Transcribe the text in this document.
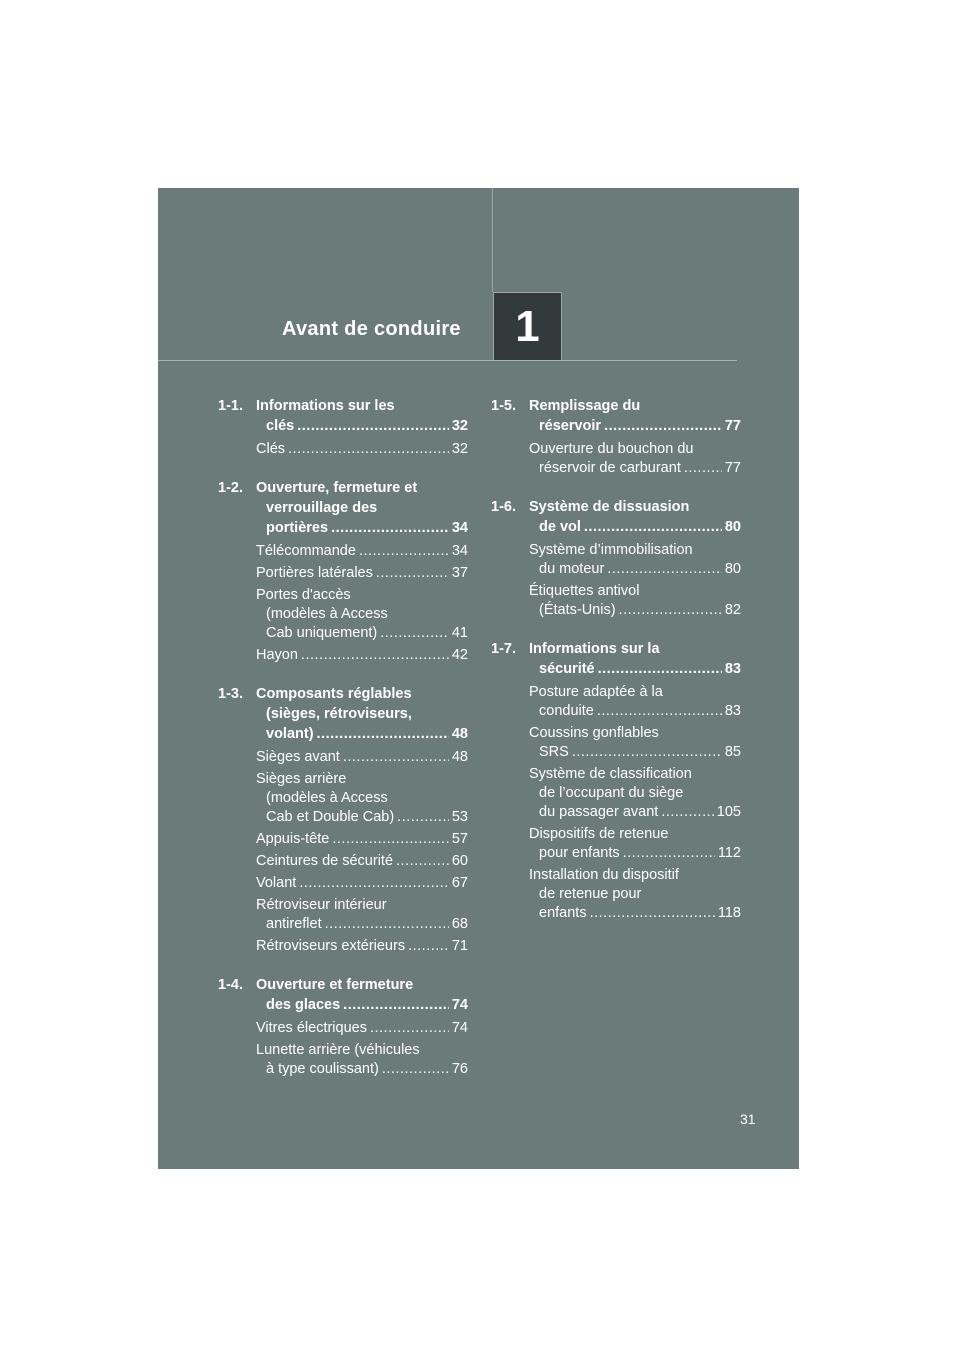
Avant de conduire	1
1-1. Informations sur les
clés .....	32
Clés .....	32
1-2. Ouverture, fermeture et
verrouillage des
portières .....	34
Télécommande .....	34
Portières latérales .....	37
Portes d'accès
(modèles à Access
Cab uniquement) .....	41
Hayon .....	42
1-3. Composants réglables
(sièges, rétroviseurs,
volant) .....	48
Sièges avant .....	48
Sièges arrière
(modèles à Access
Cab et Double Cab) .....	53
Appuis-tête .....	57
Ceintures de sécurité .....	60
Volant .....	67
Rétroviseur intérieur
antireflet .....	68
Rétroviseurs extérieurs .....	71
1-4. Ouverture et fermeture
des glaces .....	74
Vitres électriques .....	74
Lunette arrière (véhicules
à type coulissant) .....	76
1-5. Remplissage du
réservoir .....	77
Ouverture du bouchon du
réservoir de carburant .....	77
1-6. Système de dissuasion
de vol .....	80
Système d’immobilisation
du moteur .....	80
Étiquettes antivol
(États-Unis) .....	82
1-7. Informations sur la
sécurité .....	83
Posture adaptée à la
conduite .....	83
Coussins gonflables
SRS .....	85
Système de classification
de l’occupant du siège
du passager avant .....	105
Dispositifs de retenue
pour enfants .....	112
Installation du dispositif
de retenue pour
enfants .....	118
31
